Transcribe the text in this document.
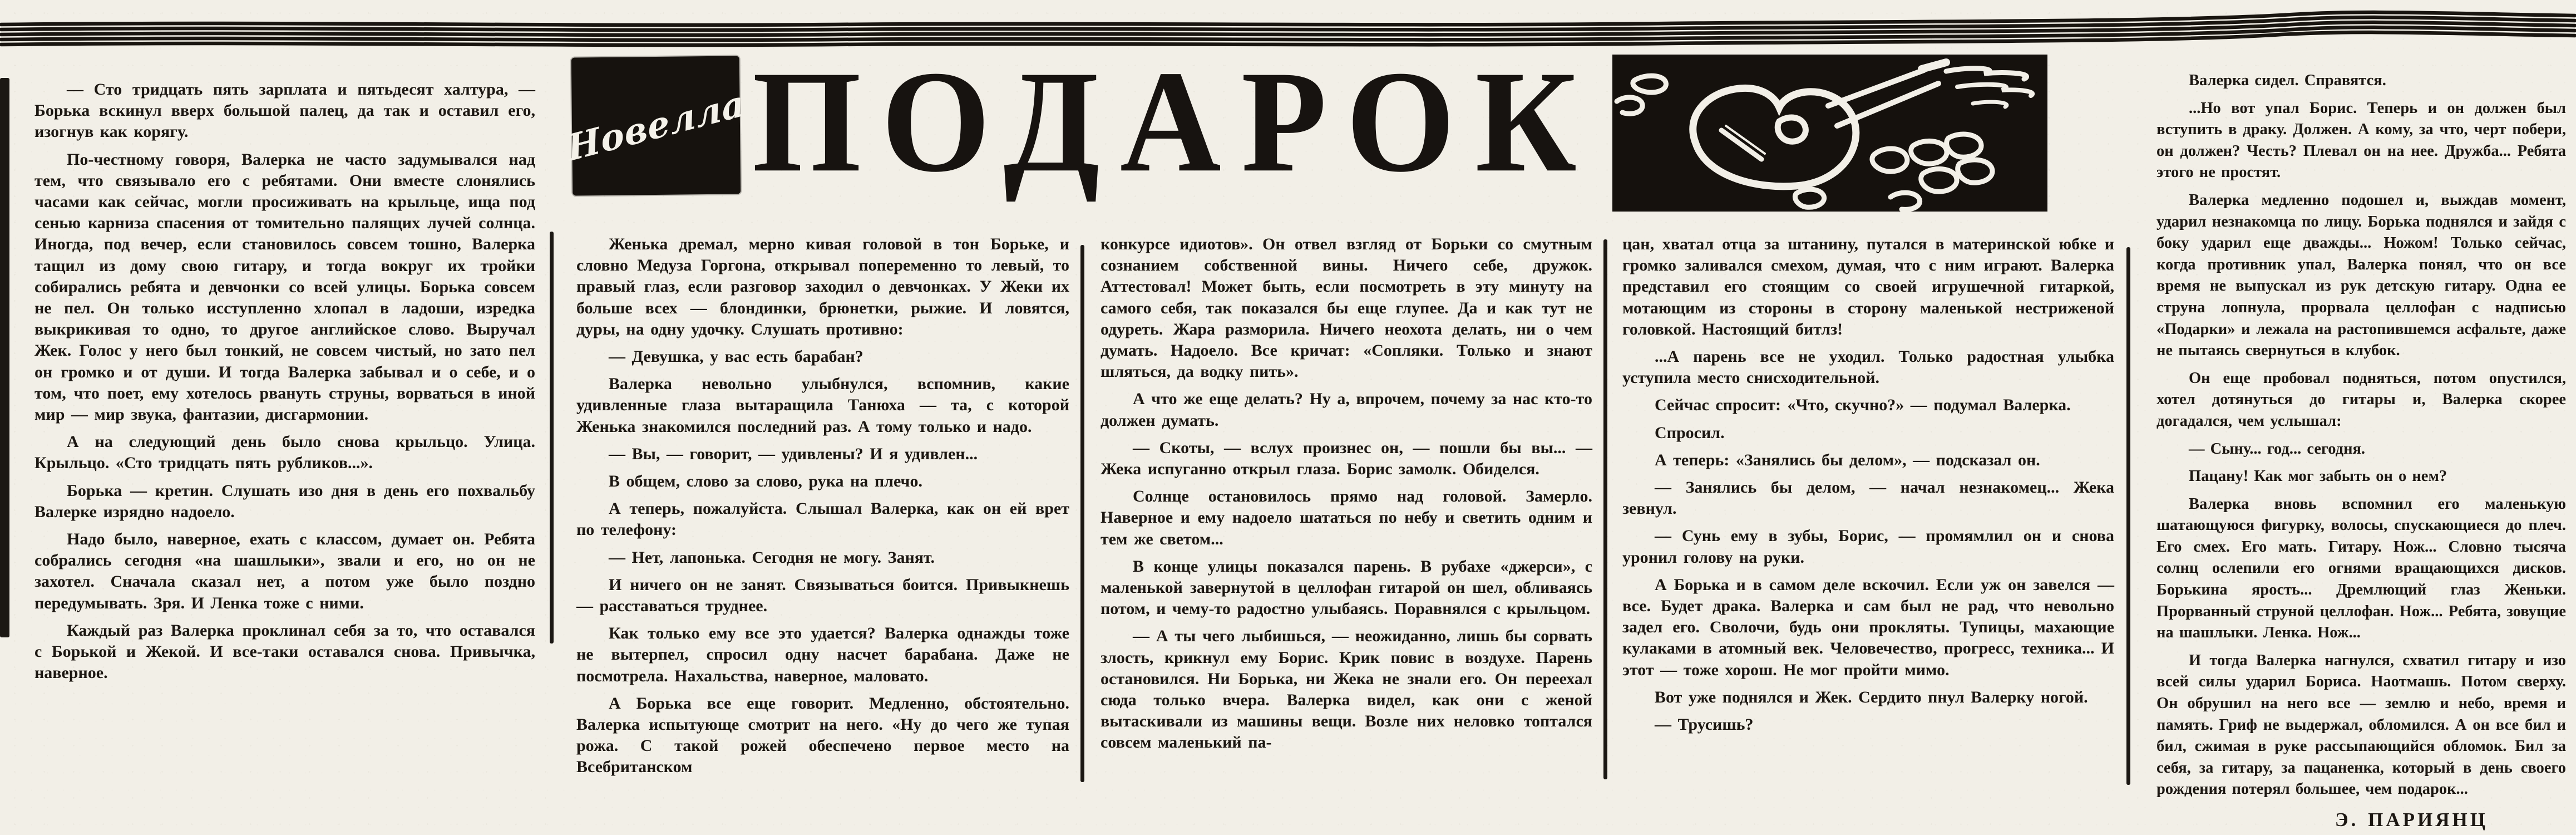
Новелла ПОДАРОК

— Сто тридцать пять зарплата и пятьдесят халтура, — Борька вскинул вверх большой палец, да так и оставил его, изогнув как корягу.

По-честному говоря, Валерка не часто задумывался над тем, что связывало его с ребятами. Они вместе слонялись часами как сейчас, могли просиживать на крыльце, ища под сенью карниза спасения от томительно палящих лучей солнца. Иногда, под вечер, если становилось совсем тошно, Валерка тащил из дому свою гитару, и тогда вокруг их тройки собирались ребята и девчонки со всей улицы. Борька совсем не пел. Он только исступленно хлопал в ладоши, изредка выкрикивая то одно, то другое английское слово. Выручал Жек. Голос у него был тонкий, не совсем чистый, но зато пел он громко и от души. И тогда Валерка забывал и о себе, и о том, что поет, ему хотелось рвануть струны, ворваться в иной мир — мир звука, фантазии, дисгармонии.

А на следующий день было снова крыльцо. Улица. Крыльцо. «Сто тридцать пять рубликов...».

Борька — кретин. Слушать изо дня в день его похвальбу Валерке изрядно надоело.

Надо было, наверное, ехать с классом, думает он. Ребята собрались сегодня «на шашлыки», звали и его, но он не захотел. Сначала сказал нет, а потом уже было поздно передумывать. Зря. И Ленка тоже с ними.

Каждый раз Валерка проклинал себя за то, что оставался с Борькой и Жекой. И все-таки оставался снова. Привычка, наверное.

Женька дремал, мерно кивая головой в тон Борьке, и словно Медуза Горгона, открывал попеременно то левый, то правый глаз, если разговор заходил о девчонках. У Жеки их больше всех — блондинки, брюнетки, рыжие. И ловятся, дуры, на одну удочку. Слушать противно:

— Девушка, у вас есть барабан?

Валерка невольно улыбнулся, вспомнив, какие удивленные глаза вытаращила Танюха — та, с которой Женька знакомился последний раз. А тому только и надо.

— Вы, — говорит, — удивлены? И я удивлен...

В общем, слово за слово, рука на плечо.

А теперь, пожалуйста. Слышал Валерка, как он ей врет по телефону:

— Нет, лапонька. Сегодня не могу. Занят.

И ничего он не занят. Связываться боится. Привыкнешь — расставаться труднее.

Как только ему все это удается? Валерка однажды тоже не вытерпел, спросил одну насчет барабана. Даже не посмотрела. Нахальства, наверное, маловато.

А Борька все еще говорит. Медленно, обстоятельно. Валерка испытующе смотрит на него. «Ну до чего же тупая рожа. С такой рожей обеспечено первое место на Всебританском

конкурсе идиотов». Он отвел взгляд от Борьки со смутным сознанием собственной вины. Ничего себе, дружок. Аттестовал! Может быть, если посмотреть в эту минуту на самого себя, так показался бы еще глупее. Да и как тут не одуреть. Жара разморила. Ничего неохота делать, ни о чем думать. Надоело. Все кричат: «Сопляки. Только и знают шляться, да водку пить».

А что же еще делать? Ну а, впрочем, почему за нас кто-то должен думать.

— Скоты, — вслух произнес он, — пошли бы вы... — Жека испуганно открыл глаза. Борис замолк. Обиделся.

Солнце остановилось прямо над головой. Замерло. Наверное и ему надоело шататься по небу и светить одним и тем же светом...

В конце улицы показался парень. В рубахе «джерси», с маленькой завернутой в целлофан гитарой он шел, обливаясь потом, и чему-то радостно улыбаясь. Поравнялся с крыльцом.

— А ты чего лыбишься, — неожиданно, лишь бы сорвать злость, крикнул ему Борис. Крик повис в воздухе. Парень остановился. Ни Борька, ни Жека не знали его. Он переехал сюда только вчера. Валерка видел, как они с женой вытаскивали из машины вещи. Возле них неловко топтался совсем маленький па-

цан, хватал отца за штанину, путался в материнской юбке и громко заливался смехом, думая, что с ним играют. Валерка представил его стоящим со своей игрушечной гитаркой, мотающим из стороны в сторону маленькой нестриженой головкой. Настоящий битлз!

...А парень все не уходил. Только радостная улыбка уступила место снисходительной.

Сейчас спросит: «Что, скучно?» — подумал Валерка.

Спросил.

А теперь: «Занялись бы делом», — подсказал он.

— Занялись бы делом, — начал незнакомец... Жека зевнул.

— Сунь ему в зубы, Борис, — промямлил он и снова уронил голову на руки.

А Борька и в самом деле вскочил. Если уж он завелся — все. Будет драка. Валерка и сам был не рад, что невольно задел его. Сволочи, будь они прокляты. Тупицы, махающие кулаками в атомный век. Человечество, прогресс, техника... И этот — тоже хорош. Не мог пройти мимо.

Вот уже поднялся и Жек. Сердито пнул Валерку ногой.

— Трусишь?

Валерка сидел. Справятся.

...Но вот упал Борис. Теперь и он должен был вступить в драку. Должен. А кому, за что, черт побери, он должен? Честь? Плевал он на нее. Дружба... Ребята этого не простят.

Валерка медленно подошел и, выждав момент, ударил незнакомца по лицу. Борька поднялся и зайдя с боку ударил еще дважды... Ножом! Только сейчас, когда противник упал, Валерка понял, что он все время не выпускал из рук детскую гитару. Одна ее струна лопнула, прорвала целлофан с надписью «Подарки» и лежала на растопившемся асфальте, даже не пытаясь свернуться в клубок.

Он еще пробовал подняться, потом опустился, хотел дотянуться до гитары и, Валерка скорее догадался, чем услышал:

— Сыну... год... сегодня.

Пацану! Как мог забыть он о нем?

Валерка вновь вспомнил его маленькую шатающуюся фигурку, волосы, спускающиеся до плеч. Его смех. Его мать. Гитару. Нож... Словно тысяча солнц ослепили его огнями вращающихся дисков. Борькина ярость... Дремлющий глаз Женьки. Прорванный струной целлофан. Нож... Ребята, зовущие на шашлыки. Ленка. Нож...

И тогда Валерка нагнулся, схватил гитару и изо всей силы ударил Бориса. Наотмашь. Потом сверху. Он обрушил на него все — землю и небо, время и память. Гриф не выдержал, обломился. А он все бил и бил, сжимая в руке рассыпающийся обломок. Бил за себя, за гитару, за пацаненка, который в день своего рождения потерял большее, чем подарок...

Э. ПАРИЯНЦ
